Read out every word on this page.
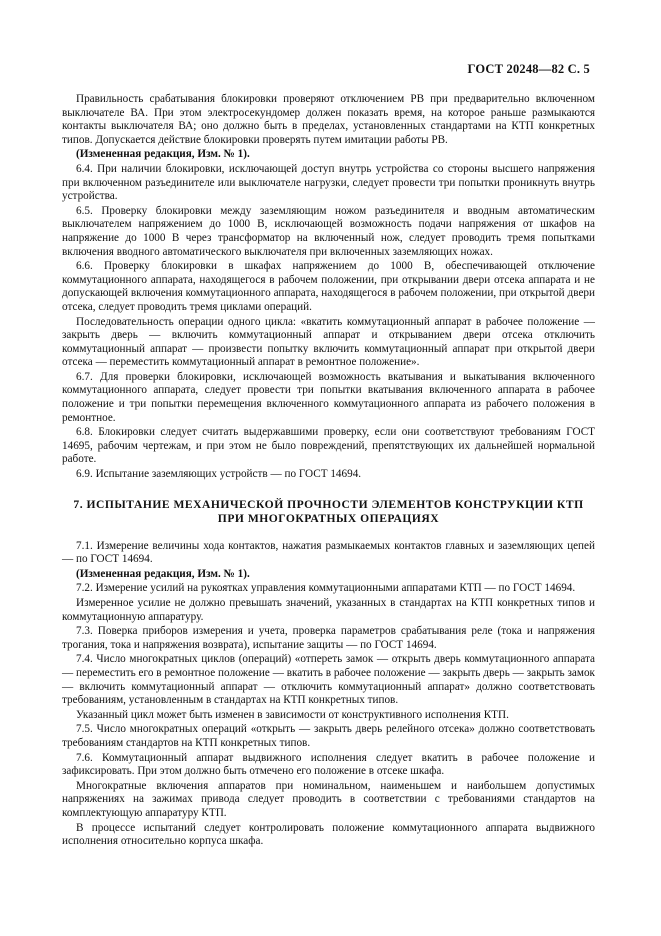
ГОСТ 20248—82 С. 5

Правильность срабатывания блокировки проверяют отключением РВ при предварительно включенном выключателе ВА. При этом электросекундомер должен показать время, на которое раньше размыкаются контакты выключателя ВА; оно должно быть в пределах, установленных стандартами на КТП конкретных типов. Допускается действие блокировки проверять путем имитации работы РВ.

(Измененная редакция, Изм. № 1).

6.4. При наличии блокировки, исключающей доступ внутрь устройства со стороны высшего напряжения при включенном разъединителе или выключателе нагрузки, следует провести три попытки проникнуть внутрь устройства.

6.5. Проверку блокировки между заземляющим ножом разъединителя и вводным автоматическим выключателем напряжением до 1000 В, исключающей возможность подачи напряжения от шкафов на напряжение до 1000 В через трансформатор на включенный нож, следует проводить тремя попытками включения вводного автоматического выключателя при включенных заземляющих ножах.

6.6. Проверку блокировки в шкафах напряжением до 1000 В, обеспечивающей отключение коммутационного аппарата, находящегося в рабочем положении, при открывании двери отсека аппарата и не допускающей включения коммутационного аппарата, находящегося в рабочем положении, при открытой двери отсека, следует проводить тремя циклами операций.

Последовательность операции одного цикла: «вкатить коммутационный аппарат в рабочее положение — закрыть дверь — включить коммутационный аппарат и открыванием двери отсека отключить коммутационный аппарат — произвести попытку включить коммутационный аппарат при открытой двери отсека — переместить коммутационный аппарат в ремонтное положение».

6.7. Для проверки блокировки, исключающей возможность вкатывания и выкатывания включенного коммутационного аппарата, следует провести три попытки вкатывания включенного аппарата в рабочее положение и три попытки перемещения включенного коммутационного аппарата из рабочего положения в ремонтное.

6.8. Блокировки следует считать выдержавшими проверку, если они соответствуют требованиям ГОСТ 14695, рабочим чертежам, и при этом не было повреждений, препятствующих их дальнейшей нормальной работе.

6.9. Испытание заземляющих устройств — по ГОСТ 14694.

7. ИСПЫТАНИЕ МЕХАНИЧЕСКОЙ ПРОЧНОСТИ ЭЛЕМЕНТОВ КОНСТРУКЦИИ КТП
ПРИ МНОГОКРАТНЫХ ОПЕРАЦИЯХ

7.1. Измерение величины хода контактов, нажатия размыкаемых контактов главных и заземляющих цепей — по ГОСТ 14694.

(Измененная редакция, Изм. № 1).

7.2. Измерение усилий на рукоятках управления коммутационными аппаратами КТП — по ГОСТ 14694.

Измеренное усилие не должно превышать значений, указанных в стандартах на КТП конкретных типов и коммутационную аппаратуру.

7.3. Поверка приборов измерения и учета, проверка параметров срабатывания реле (тока и напряжения трогания, тока и напряжения возврата), испытание защиты — по ГОСТ 14694.

7.4. Число многократных циклов (операций) «отпереть замок — открыть дверь коммутационного аппарата — переместить его в ремонтное положение — вкатить в рабочее положение — закрыть дверь — закрыть замок — включить коммутационный аппарат — отключить коммутационный аппарат» должно соответствовать требованиям, установленным в стандартах на КТП конкретных типов.

Указанный цикл может быть изменен в зависимости от конструктивного исполнения КТП.

7.5. Число многократных операций «открыть — закрыть дверь релейного отсека» должно соответствовать требованиям стандартов на КТП конкретных типов.

7.6. Коммутационный аппарат выдвижного исполнения следует вкатить в рабочее положение и зафиксировать. При этом должно быть отмечено его положение в отсеке шкафа.

Многократные включения аппаратов при номинальном, наименьшем и наибольшем допустимых напряжениях на зажимах привода следует проводить в соответствии с требованиями стандартов на комплектующую аппаратуру КТП.

В процессе испытаний следует контролировать положение коммутационного аппарата выдвижного исполнения относительно корпуса шкафа.
